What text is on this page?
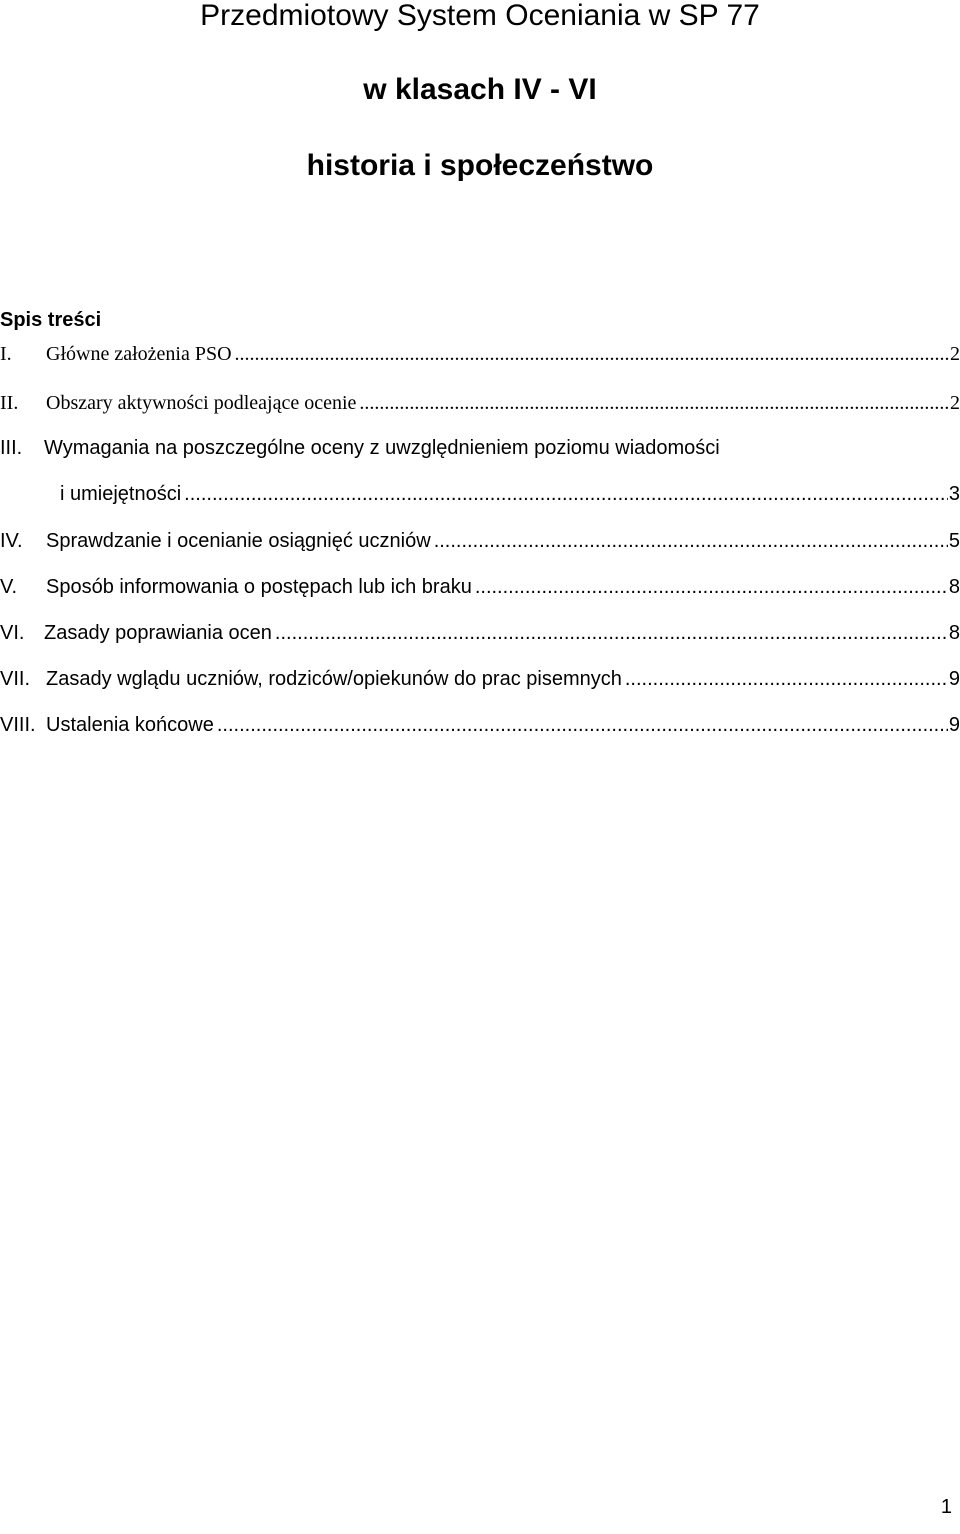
Przedmiotowy System Oceniania w SP 77
w klasach IV - VI
historia i społeczeństwo
Spis treści
I. Główne założenia PSO .....	2
II. Obszary aktywności podleające ocenie .....	2
III. Wymagania na poszczególne oceny z uwzględnieniem poziomu wiadomości
i umiejętności .....	3
IV. Sprawdzanie i ocenianie osiągnięć uczniów .....	5
V. Sposób informowania o postępach lub ich braku .....	8
VI. Zasady poprawiania ocen .....	8
VII. Zasady wglądu uczniów, rodziców/opiekunów do prac pisemnych .....	9
VIII. Ustalenia końcowe .....	9
1
